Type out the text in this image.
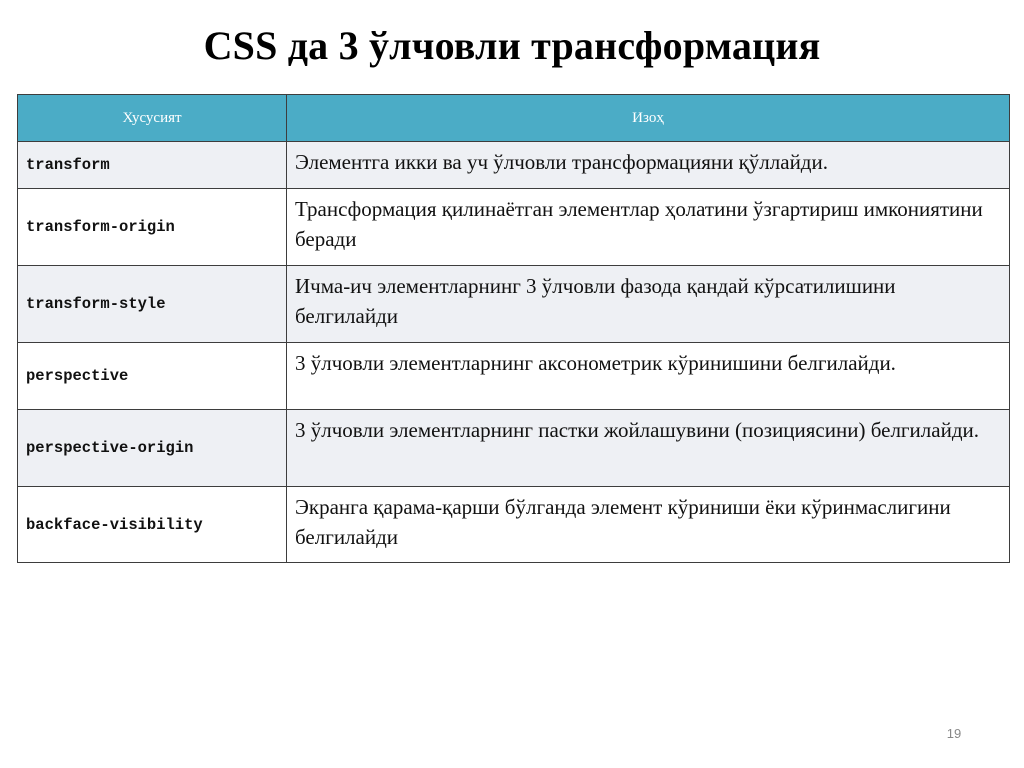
CSS да 3 ўлчовли трансформация
Хусусият	Изоҳ
transform	Элементга икки ва уч ўлчовли трансформацияни қўллайди.
transform-origin	Трансформация қилинаётган элементлар ҳолатини ўзгартириш имкониятини беради
transform-style	Ичма-ич элементларнинг 3 ўлчовли фазода қандай кўрсатилишини белгилайди
perspective	3 ўлчовли элементларнинг аксонометрик кўринишини белгилайди.
perspective-origin	3 ўлчовли элементларнинг пастки жойлашувини (позициясини) белгилайди.
backface-visibility	Экранга қарама-қарши бўлганда элемент кўриниши ёки кўринмаслигини белгилайди
19
